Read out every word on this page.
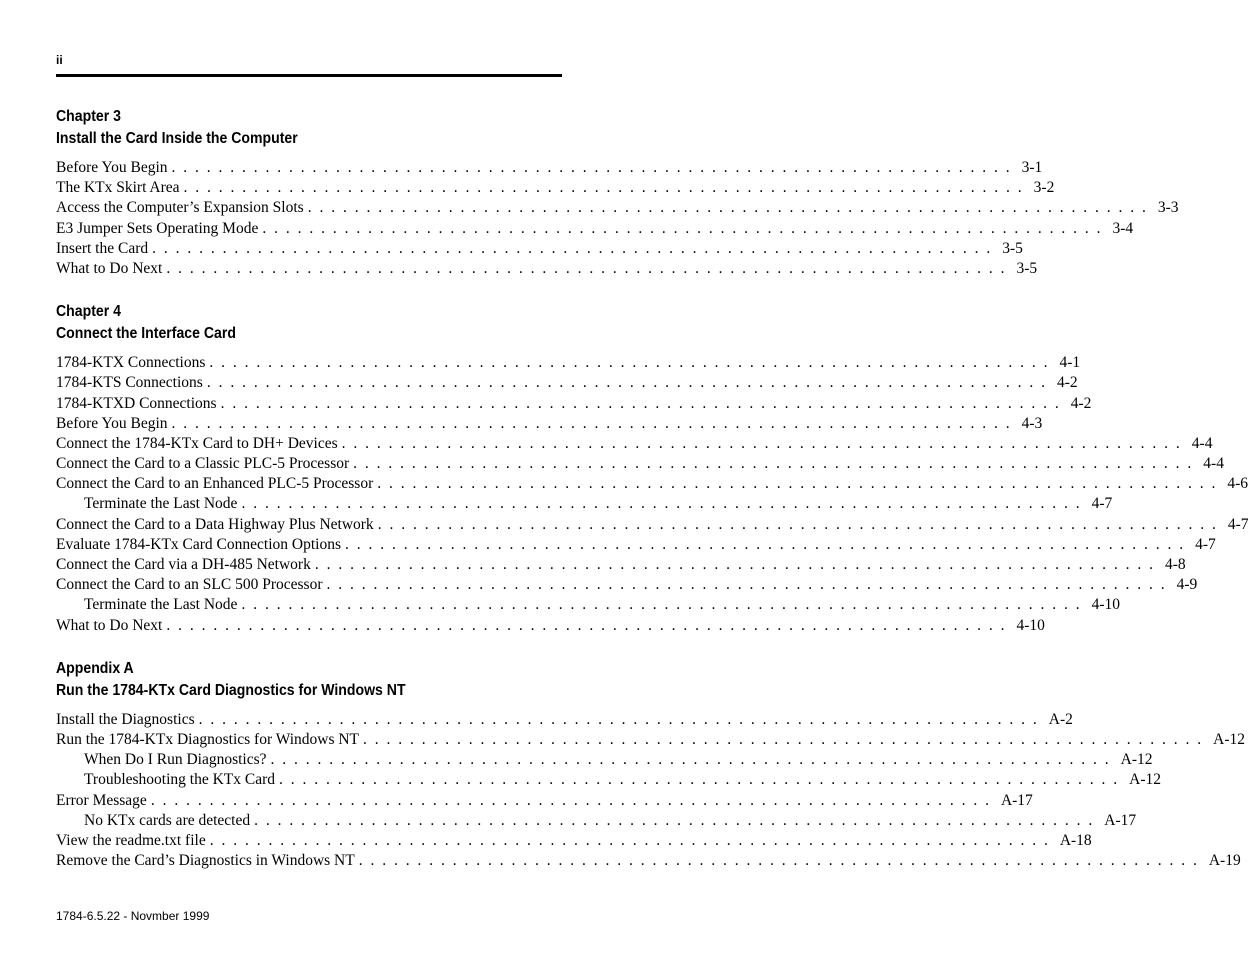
ii
Chapter 3
Install the Card Inside the Computer
Before You Begin . . . . . . . . . . . . . . . . . . . . . . . . . . . . . . . . . . . . . . . . . . . . . . . . . . . . . . . . . . . . . . . . . . . . . . . . 3-1
The KTx Skirt Area . . . . . . . . . . . . . . . . . . . . . . . . . . . . . . . . . . . . . . . . . . . . . . . . . . . . . . . . . . . . . . . . . . . . . . . . 3-2
Access the Computer’s Expansion Slots . . . . . . . . . . . . . . . . . . . . . . . . . . . . . . . . . . . . . . . . . . . . . . . . . . . . . . . . . . . . . . . . . . . . . . . . 3-3
E3 Jumper Sets Operating Mode . . . . . . . . . . . . . . . . . . . . . . . . . . . . . . . . . . . . . . . . . . . . . . . . . . . . . . . . . . . . . . . . . . . . . . . . 3-4
Insert the Card . . . . . . . . . . . . . . . . . . . . . . . . . . . . . . . . . . . . . . . . . . . . . . . . . . . . . . . . . . . . . . . . . . . . . . . . 3-5
What to Do Next . . . . . . . . . . . . . . . . . . . . . . . . . . . . . . . . . . . . . . . . . . . . . . . . . . . . . . . . . . . . . . . . . . . . . . . . 3-5
Chapter 4
Connect the Interface Card
1784-KTX Connections . . . . . . . . . . . . . . . . . . . . . . . . . . . . . . . . . . . . . . . . . . . . . . . . . . . . . . . . . . . . . . . . . . . . . . . . 4-1
1784-KTS Connections . . . . . . . . . . . . . . . . . . . . . . . . . . . . . . . . . . . . . . . . . . . . . . . . . . . . . . . . . . . . . . . . . . . . . . . . 4-2
1784-KTXD Connections . . . . . . . . . . . . . . . . . . . . . . . . . . . . . . . . . . . . . . . . . . . . . . . . . . . . . . . . . . . . . . . . . . . . . . . . 4-2
Before You Begin . . . . . . . . . . . . . . . . . . . . . . . . . . . . . . . . . . . . . . . . . . . . . . . . . . . . . . . . . . . . . . . . . . . . . . . . 4-3
Connect the 1784-KTx Card to DH+ Devices . . . . . . . . . . . . . . . . . . . . . . . . . . . . . . . . . . . . . . . . . . . . . . . . . . . . . . . . . . . . . . . . . . . . . . . . 4-4
Connect the Card to a Classic PLC-5 Processor . . . . . . . . . . . . . . . . . . . . . . . . . . . . . . . . . . . . . . . . . . . . . . . . . . . . . . . . . . . . . . . . . . . . . . . . 4-4
Connect the Card to an Enhanced PLC-5 Processor . . . . . . . . . . . . . . . . . . . . . . . . . . . . . . . . . . . . . . . . . . . . . . . . . . . . . . . . . . . . . . . . . . . . . . . . 4-6
Terminate the Last Node . . . . . . . . . . . . . . . . . . . . . . . . . . . . . . . . . . . . . . . . . . . . . . . . . . . . . . . . . . . . . . . . . . . . . . . . 4-7
Connect the Card to a Data Highway Plus Network . . . . . . . . . . . . . . . . . . . . . . . . . . . . . . . . . . . . . . . . . . . . . . . . . . . . . . . . . . . . . . . . . . . . . . . . 4-7
Evaluate 1784-KTx Card Connection Options . . . . . . . . . . . . . . . . . . . . . . . . . . . . . . . . . . . . . . . . . . . . . . . . . . . . . . . . . . . . . . . . . . . . . . . . 4-7
Connect the Card via a DH-485 Network . . . . . . . . . . . . . . . . . . . . . . . . . . . . . . . . . . . . . . . . . . . . . . . . . . . . . . . . . . . . . . . . . . . . . . . . 4-8
Connect the Card to an SLC 500 Processor . . . . . . . . . . . . . . . . . . . . . . . . . . . . . . . . . . . . . . . . . . . . . . . . . . . . . . . . . . . . . . . . . . . . . . . . 4-9
Terminate the Last Node . . . . . . . . . . . . . . . . . . . . . . . . . . . . . . . . . . . . . . . . . . . . . . . . . . . . . . . . . . . . . . . . . . . . . . . . 4-10
What to Do Next . . . . . . . . . . . . . . . . . . . . . . . . . . . . . . . . . . . . . . . . . . . . . . . . . . . . . . . . . . . . . . . . . . . . . . . . 4-10
Appendix A
Run the 1784-KTx Card Diagnostics for Windows NT
Install the Diagnostics . . . . . . . . . . . . . . . . . . . . . . . . . . . . . . . . . . . . . . . . . . . . . . . . . . . . . . . . . . . . . . . . . . . . . . . . A-2
Run the 1784-KTx Diagnostics for Windows NT . . . . . . . . . . . . . . . . . . . . . . . . . . . . . . . . . . . . . . . . . . . . . . . . . . . . . . . . . . . . . . . . . . . . . . . . A-12
When Do I Run Diagnostics? . . . . . . . . . . . . . . . . . . . . . . . . . . . . . . . . . . . . . . . . . . . . . . . . . . . . . . . . . . . . . . . . . . . . . . . . A-12
Troubleshooting the KTx Card . . . . . . . . . . . . . . . . . . . . . . . . . . . . . . . . . . . . . . . . . . . . . . . . . . . . . . . . . . . . . . . . . . . . . . . . A-12
Error Message . . . . . . . . . . . . . . . . . . . . . . . . . . . . . . . . . . . . . . . . . . . . . . . . . . . . . . . . . . . . . . . . . . . . . . . . A-17
No KTx cards are detected . . . . . . . . . . . . . . . . . . . . . . . . . . . . . . . . . . . . . . . . . . . . . . . . . . . . . . . . . . . . . . . . . . . . . . . . A-17
View the readme.txt file . . . . . . . . . . . . . . . . . . . . . . . . . . . . . . . . . . . . . . . . . . . . . . . . . . . . . . . . . . . . . . . . . . . . . . . . A-18
Remove the Card’s Diagnostics in Windows NT . . . . . . . . . . . . . . . . . . . . . . . . . . . . . . . . . . . . . . . . . . . . . . . . . . . . . . . . . . . . . . . . . . . . . . . . A-19
1784-6.5.22 - Novmber 1999
